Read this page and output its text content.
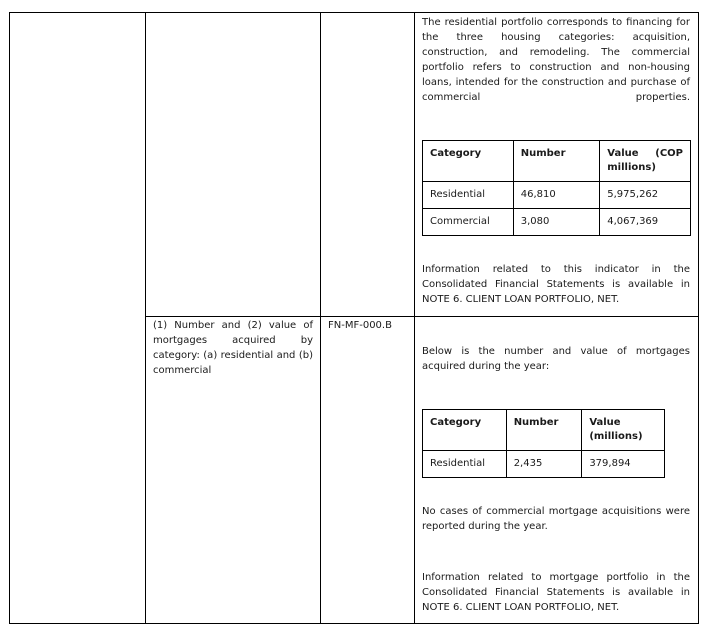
The residential portfolio corresponds to financing for
the three housing categories: acquisition,
construction, and remodeling. The commercial
portfolio refers to construction and non-housing
loans, intended for the construction and purchase of
commercial properties.
Category	Number	Value (COP
millions)

Residential	46,810	5,975,262
Commercial	3,080	4,067,369
Information related to this indicator in the
Consolidated Financial Statements is available in
NOTE 6. CLIENT LOAN PORTFOLIO, NET.
(1) Number and (2) value of
mortgages acquired by
category: (a) residential and (b)
commercial
FN-MF-000.B
Below is the number and value of mortgages
acquired during the year:
Category	Number	Value
(millions)

Residential	2,435	379,894
No cases of commercial mortgage acquisitions were
reported during the year.
Information related to mortgage portfolio in the
Consolidated Financial Statements is available in
NOTE 6. CLIENT LOAN PORTFOLIO, NET.
